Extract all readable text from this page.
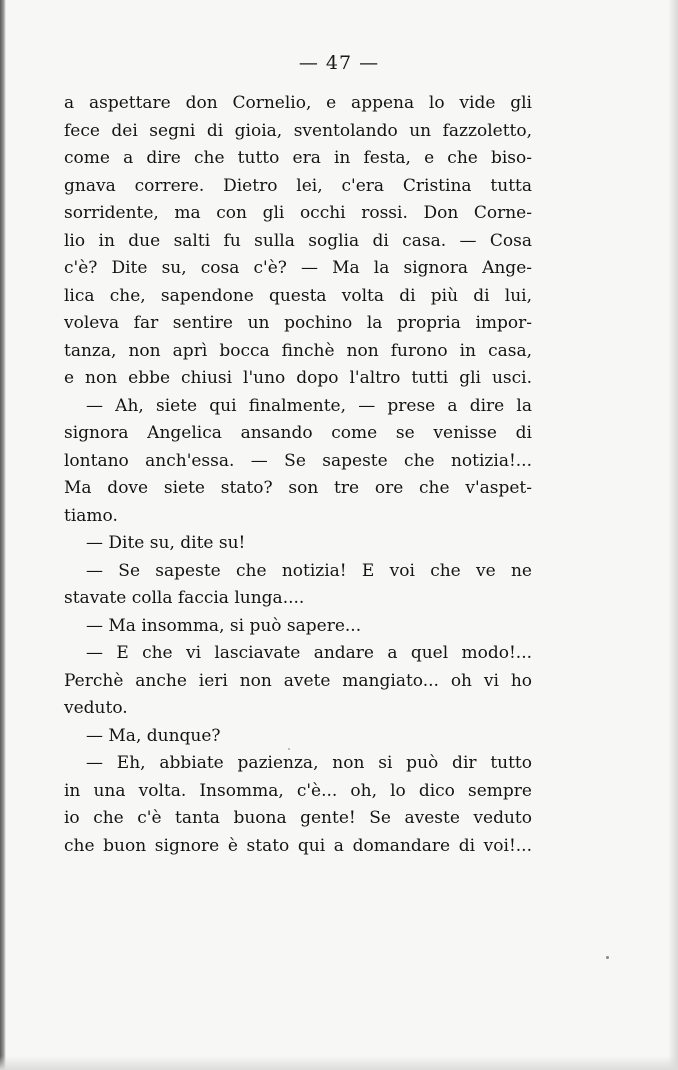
— 47 —

a aspettare don Cornelio, e appena lo vide gli
fece dei segni di gioia, sventolando un fazzoletto,
come a dire che tutto era in festa, e che biso-
gnava correre. Dietro lei, c'era Cristina tutta
sorridente, ma con gli occhi rossi. Don Corne-
lio in due salti fu sulla soglia di casa. — Cosa
c'è? Dite su, cosa c'è? — Ma la signora Ange-
lica che, sapendone questa volta di più di lui,
voleva far sentire un pochino la propria impor-
tanza, non aprì bocca finchè non furono in casa,
e non ebbe chiusi l'uno dopo l'altro tutti gli usci.
— Ah, siete qui finalmente, — prese a dire la
signora Angelica ansando come se venisse di
lontano anch'essa. — Se sapeste che notizia!...
Ma dove siete stato? son tre ore che v'aspet-
tiamo.
— Dite su, dite su!
— Se sapeste che notizia! E voi che ve ne
stavate colla faccia lunga....
— Ma insomma, si può sapere...
— E che vi lasciavate andare a quel modo!...
Perchè anche ieri non avete mangiato... oh vi ho
veduto.
— Ma, dunque?
— Eh, abbiate pazienza, non si può dir tutto
in una volta. Insomma, c'è... oh, lo dico sempre
io che c'è tanta buona gente! Se aveste veduto
che buon signore è stato qui a domandare di voi!...
